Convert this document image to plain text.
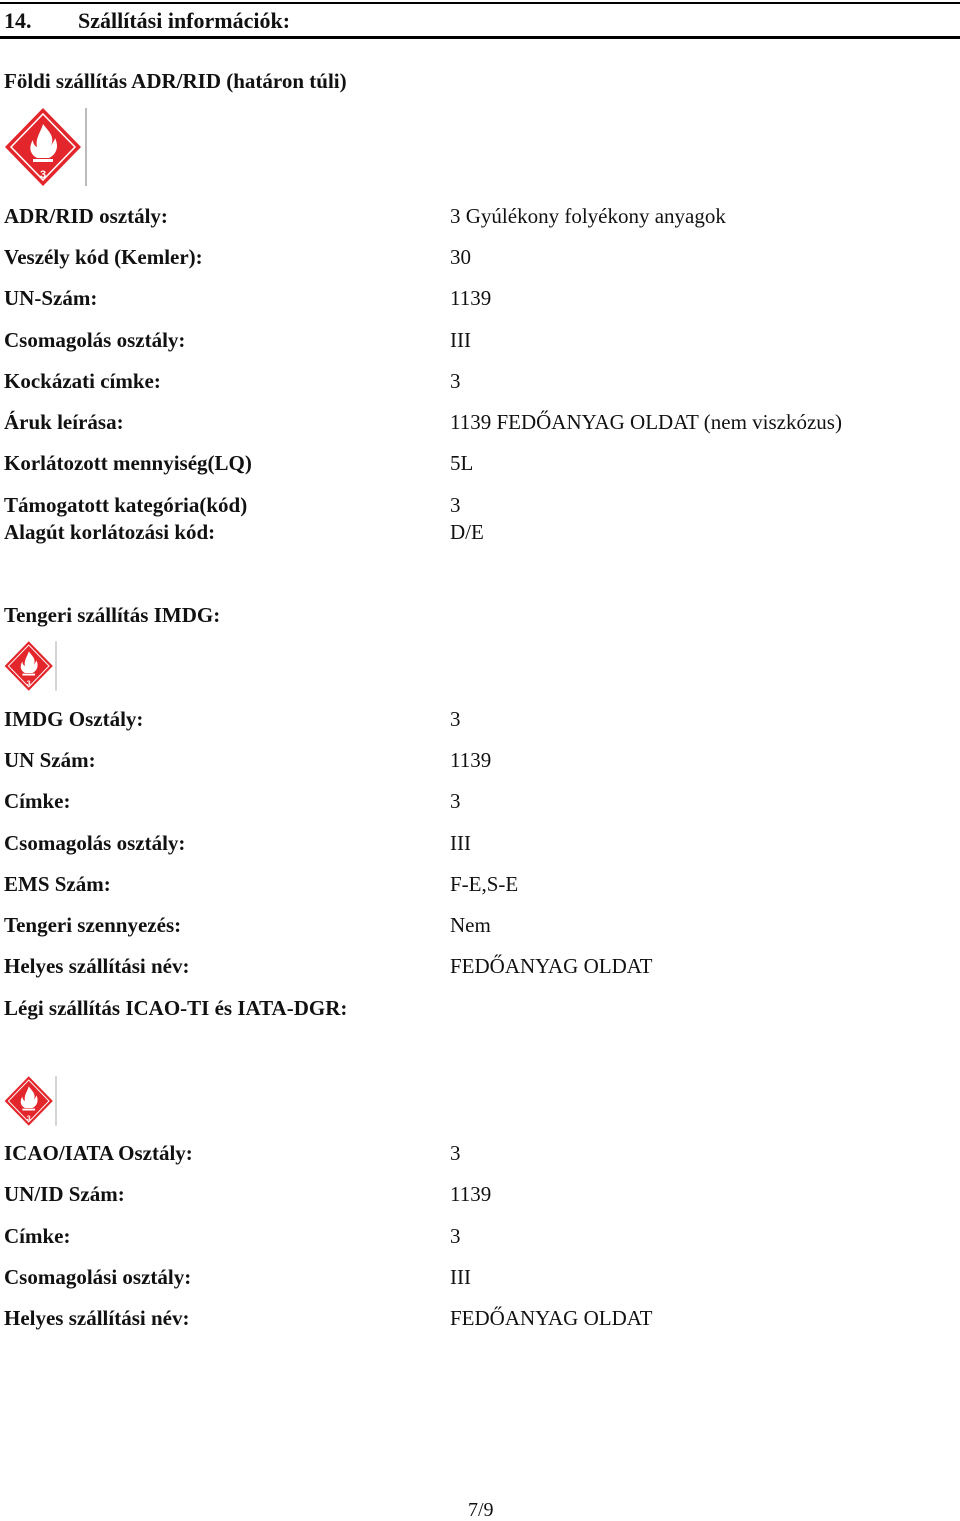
14. Szállítási információk:
Földi szállítás ADR/RID (határon túli)
3
ADR/RID osztály:	3 Gyúlékony folyékony anyagok
Veszély kód (Kemler):	30
UN-Szám:	1139
Csomagolás osztály:	III
Kockázati címke:	3
Áruk leírása:	1139 FEDŐANYAG OLDAT (nem viszkózus)
Korlátozott mennyiség(LQ)	5L
Támogatott kategória(kód)	3
Alagút korlátozási kód:	D/E
Tengeri szállítás IMDG:
3
IMDG Osztály:	3
UN Szám:	1139
Címke:	3
Csomagolás osztály:	III
EMS Szám:	F-E,S-E
Tengeri szennyezés:	Nem
Helyes szállítási név:	FEDŐANYAG OLDAT
Légi szállítás ICAO-TI és IATA-DGR:
3
ICAO/IATA Osztály:	3
UN/ID Szám:	1139
Címke:	3
Csomagolási osztály:	III
Helyes szállítási név:	FEDŐANYAG OLDAT
7/9
